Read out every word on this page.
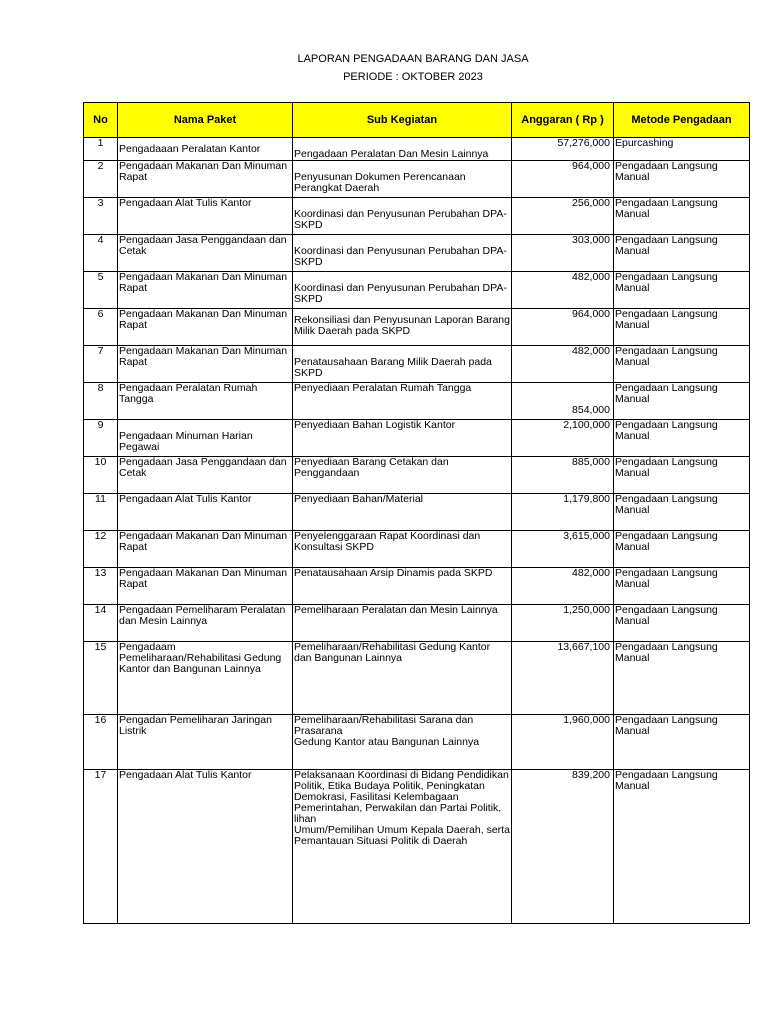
LAPORAN PENGADAAN BARANG DAN JASA
PERIODE : OKTOBER 2023
No	Nama Paket	Sub Kegiatan	Anggaran ( Rp )	Metode Pengadaan

1	Pengadaaan Peralatan Kantor	Pengadaan Peralatan Dan Mesin Lainnya	57,276,000	Epurcashing

2	Pengadaan Makanan Dan Minuman Rapat	Penyusunan Dokumen Perencanaan Perangkat Daerah	964,000	Pengadaan Langsung Manual

3	Pengadaan Alat Tulis Kantor	Koordinasi dan Penyusunan Perubahan DPA-SKPD	256,000	Pengadaan Langsung Manual

4	Pengadaan Jasa Penggandaan dan Cetak	Koordinasi dan Penyusunan Perubahan DPA-SKPD	303,000	Pengadaan Langsung Manual

5	Pengadaan Makanan Dan Minuman Rapat	Koordinasi dan Penyusunan Perubahan DPA-SKPD	482,000	Pengadaan Langsung Manual

6	Pengadaan Makanan Dan Minuman Rapat	Rekonsiliasi dan Penyusunan Laporan Barang Milik Daerah pada SKPD	964,000	Pengadaan Langsung Manual

7	Pengadaan Makanan Dan Minuman Rapat	Penatausahaan Barang Milik Daerah pada SKPD	482,000	Pengadaan Langsung Manual

8	Pengadaan Peralatan Rumah Tangga	Penyediaan Peralatan Rumah Tangga	854,000	Pengadaan Langsung Manual

9	Pengadaan Minuman Harian Pegawai	Penyediaan Bahan Logistik Kantor	2,100,000	Pengadaan Langsung Manual

10	Pengadaan Jasa Penggandaan dan Cetak	Penyediaan Barang Cetakan dan Penggandaan	885,000	Pengadaan Langsung Manual

11	Pengadaan Alat Tulis Kantor	Penyediaan Bahan/Material	1,179,800	Pengadaan Langsung Manual

12	Pengadaan Makanan Dan Minuman Rapat	Penyelenggaraan Rapat Koordinasi dan Konsultasi SKPD	3,615,000	Pengadaan Langsung Manual

13	Pengadaan Makanan Dan Minuman Rapat	Penatausahaan Arsip Dinamis pada SKPD	482,000	Pengadaan Langsung Manual

14	Pengadaan Pemeliharam Peralatan dan Mesin Lainnya	Pemeliharaan Peralatan dan Mesin Lainnya	1,250,000	Pengadaan Langsung Manual

15	Pengadaam Pemeliharaan/Rehabilitasi Gedung Kantor dan Bangunan Lainnya	Pemeliharaan/Rehabilitasi Gedung Kantor dan Bangunan Lainnya	13,667,100	Pengadaan Langsung Manual

16	Pengadan Pemeliharan Jaringan Listrik	Pemeliharaan/Rehabilitasi Sarana dan Prasarana
Gedung Kantor atau Bangunan Lainnya	1,960,000	Pengadaan Langsung Manual

17	Pengadaan Alat Tulis Kantor	Pelaksanaan Koordinasi di Bidang Pendidikan Politik, Etika Budaya Politik, Peningkatan Demokrasi, Fasilitasi Kelembagaan Pemerintahan, Perwakilan dan Partai Politik, lihan
Umum/Pemilihan Umum Kepala Daerah, serta Pemantauan Situasi Politik di Daerah	839,200	Pengadaan Langsung Manual
